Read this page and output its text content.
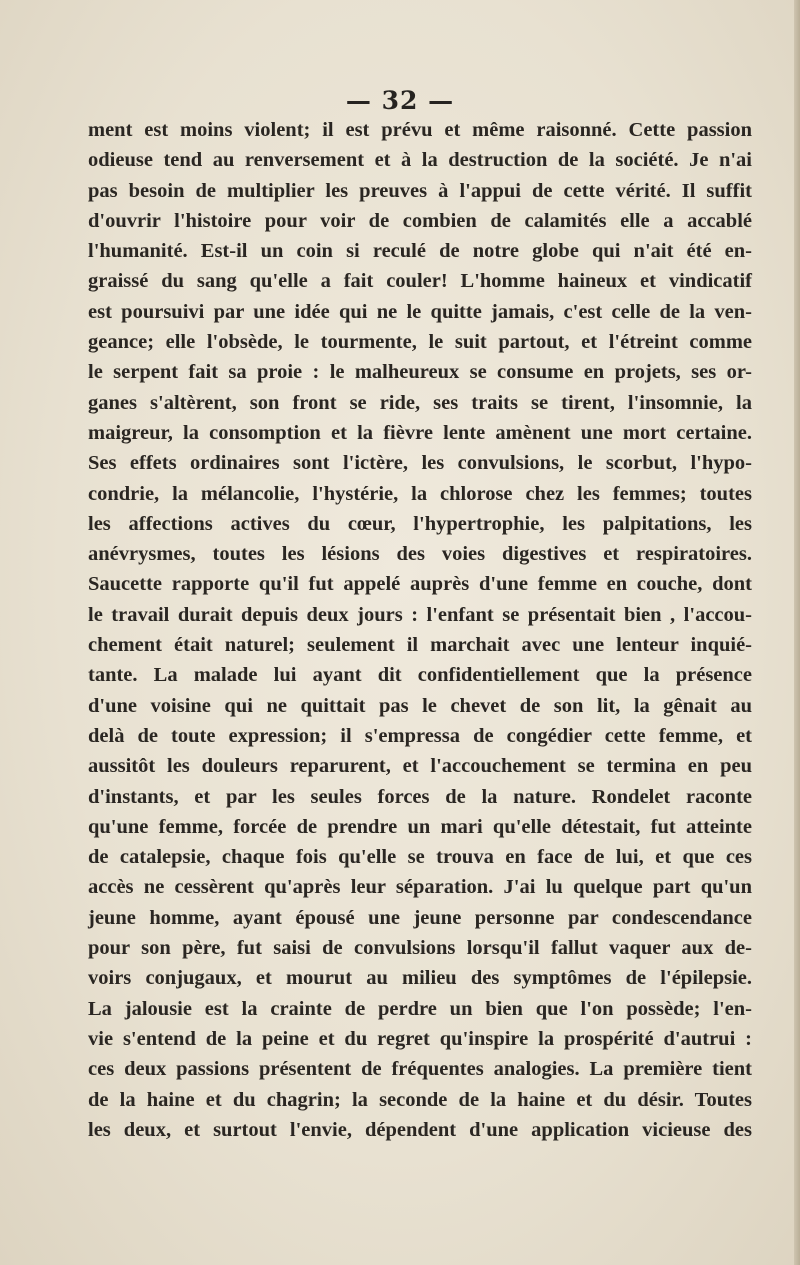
— 32 —
ment est moins violent; il est prévu et même raisonné. Cette passion
odieuse tend au renversement et à la destruction de la société. Je n'ai
pas besoin de multiplier les preuves à l'appui de cette vérité. Il suffit
d'ouvrir l'histoire pour voir de combien de calamités elle a accablé
l'humanité. Est-il un coin si reculé de notre globe qui n'ait été en-
graissé du sang qu'elle a fait couler! L'homme haineux et vindicatif
est poursuivi par une idée qui ne le quitte jamais, c'est celle de la ven-
geance; elle l'obsède, le tourmente, le suit partout, et l'étreint comme
le serpent fait sa proie : le malheureux se consume en projets, ses or-
ganes s'altèrent, son front se ride, ses traits se tirent, l'insomnie, la
maigreur, la consomption et la fièvre lente amènent une mort certaine.
Ses effets ordinaires sont l'ictère, les convulsions, le scorbut, l'hypo-
condrie, la mélancolie, l'hystérie, la chlorose chez les femmes; toutes
les affections actives du cœur, l'hypertrophie, les palpitations, les
anévrysmes, toutes les lésions des voies digestives et respiratoires.
Saucette rapporte qu'il fut appelé auprès d'une femme en couche, dont
le travail durait depuis deux jours : l'enfant se présentait bien , l'accou-
chement était naturel; seulement il marchait avec une lenteur inquié-
tante. La malade lui ayant dit confidentiellement que la présence
d'une voisine qui ne quittait pas le chevet de son lit, la gênait au
delà de toute expression; il s'empressa de congédier cette femme, et
aussitôt les douleurs reparurent, et l'accouchement se termina en peu
d'instants, et par les seules forces de la nature. Rondelet raconte
qu'une femme, forcée de prendre un mari qu'elle détestait, fut atteinte
de catalepsie, chaque fois qu'elle se trouva en face de lui, et que ces
accès ne cessèrent qu'après leur séparation. J'ai lu quelque part qu'un
jeune homme, ayant épousé une jeune personne par condescendance
pour son père, fut saisi de convulsions lorsqu'il fallut vaquer aux de-
voirs conjugaux, et mourut au milieu des symptômes de l'épilepsie.
La jalousie est la crainte de perdre un bien que l'on possède; l'en-
vie s'entend de la peine et du regret qu'inspire la prospérité d'autrui :
ces deux passions présentent de fréquentes analogies. La première tient
de la haine et du chagrin; la seconde de la haine et du désir. Toutes
les deux, et surtout l'envie, dépendent d'une application vicieuse des
